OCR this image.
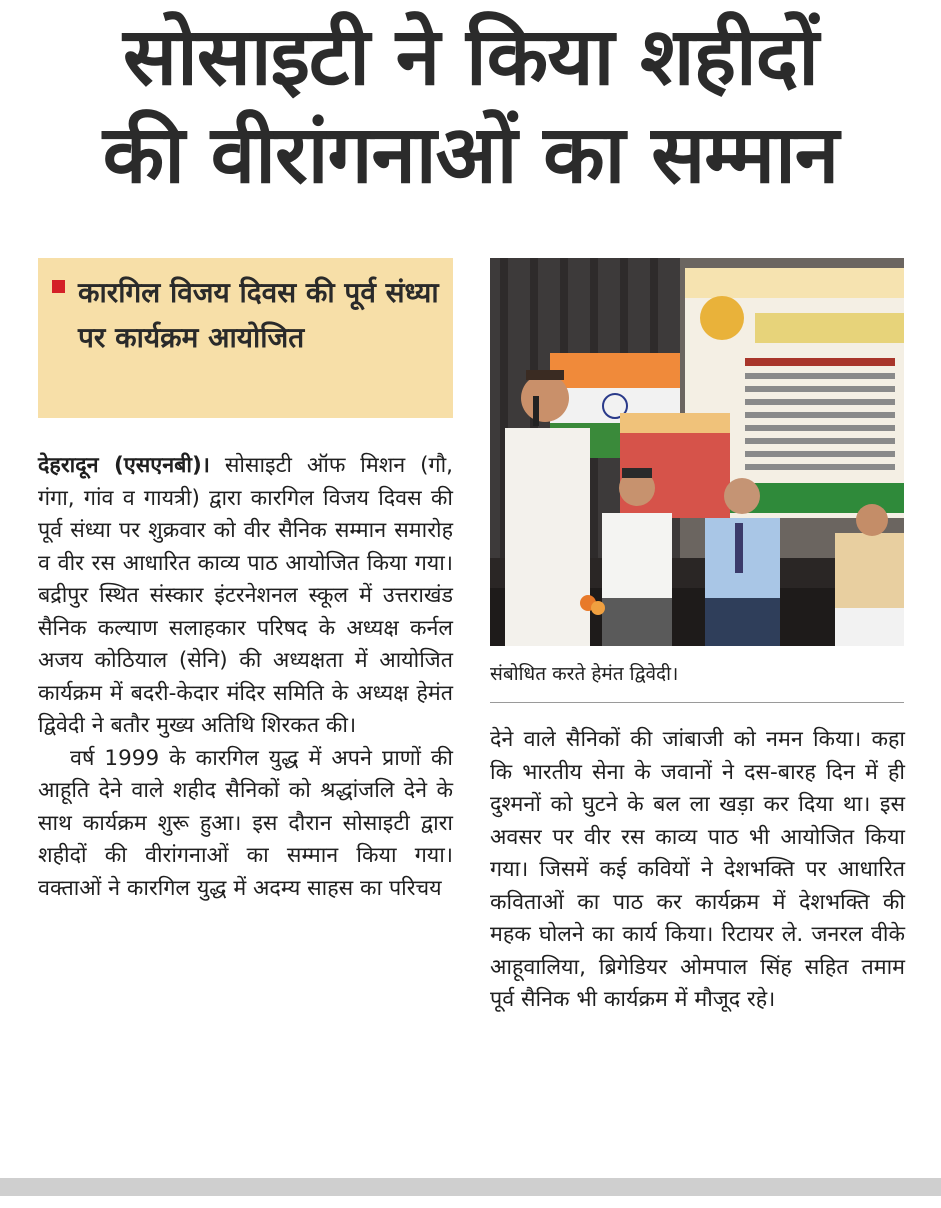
सोसाइटी ने किया शहीदों
की वीरांगनाओं का सम्मान
कारगिल विजय दिवस की पूर्व संध्या पर कार्यक्रम आयोजित

देहरादून (एसएनबी)। सोसाइटी ऑफ मिशन (गौ, गंगा, गांव व गायत्री) द्वारा कारगिल विजय दिवस की पूर्व संध्या पर शुक्रवार को वीर सैनिक सम्मान समारोह व वीर रस आधारित काव्य पाठ आयोजित किया गया। बद्रीपुर स्थित संस्कार इंटरनेशनल स्कूल में उत्तराखंड सैनिक कल्याण सलाहकार परिषद के अध्यक्ष कर्नल अजय कोठियाल (सेनि) की अध्यक्षता में आयोजित कार्यक्रम में बदरी-केदार मंदिर समिति के अध्यक्ष हेमंत द्विवेदी ने बतौर मुख्य अतिथि शिरकत की।

वर्ष 1999 के कारगिल युद्ध में अपने प्राणों की आहूति देने वाले शहीद सैनिकों को श्रद्धांजलि देने के साथ कार्यक्रम शुरू हुआ। इस दौरान सोसाइटी द्वारा शहीदों की वीरांगनाओं का सम्मान किया गया। वक्ताओं ने कारगिल युद्ध में अदम्य साहस का परिचय

संबोधित करते हेमंत द्विवेदी।

देने वाले सैनिकों की जांबाजी को नमन किया। कहा कि भारतीय सेना के जवानों ने दस-बारह दिन में ही दुश्मनों को घुटने के बल ला खड़ा कर दिया था। इस अवसर पर वीर रस काव्य पाठ भी आयोजित किया गया। जिसमें कई कवियों ने देशभक्ति पर आधारित कविताओं का पाठ कर कार्यक्रम में देशभक्ति की महक घोलने का कार्य किया। रिटायर ले. जनरल वीके आहूवालिया, ब्रिगेडियर ओमपाल सिंह सहित तमाम पूर्व सैनिक भी कार्यक्रम में मौजूद रहे।
